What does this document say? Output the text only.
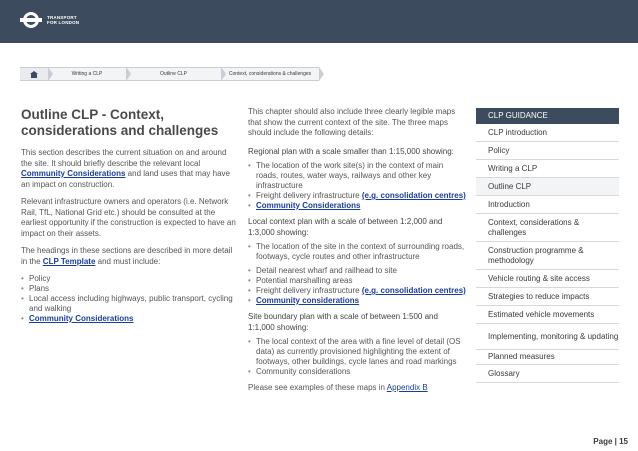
TRANSPORT
FOR LONDON
Writing a CLP	Outline CLP	Context, considerations & challenges
Outline CLP - Context, considerations and challenges

This section describes the current situation on and around the site. It should briefly describe the relevant local Community Considerations and land uses that may have an impact on construction.

Relevant infrastructure owners and operators (i.e. Network Rail, TfL, National Grid etc.) should be consulted at the earliest opportunity if the construction is expected to have an impact on their assets.

The headings in these sections are described in more detail in the CLP Template and must include:

• Policy
• Plans
• Local access including highways, public transport, cycling and walking
• Community Considerations

This chapter should also include three clearly legible maps that show the current context of the site. The three maps should include the following details:

Regional plan with a scale smaller than 1:15,000 showing:

• The location of the work site(s) in the context of main roads, routes, water ways, railways and other key infrastructure
• Freight delivery infrastructure (e.g. consolidation centres)
• Community Considerations

Local context plan with a scale of between 1:2,000 and 1:3,000 showing:

• The location of the site in the context of surrounding roads, footways, cycle routes and other infrastructure
• Detail nearest wharf and railhead to site
• Potential marshalling areas
• Freight delivery infrastructure (e.g. consolidation centres)
• Community considerations

Site boundary plan with a scale of between 1:500 and 1:1,000 showing:

• The local context of the area with a fine level of detail (OS data) as currently provisioned highlighting the extent of footways, other buildings, cycle lanes and road markings
• Community considerations

Please see examples of these maps in Appendix B

CLP GUIDANCE
CLP introduction
Policy
Writing a CLP
Outline CLP
Introduction
Context, considerations & challenges
Construction programme & methodology
Vehicle routing & site access
Strategies to reduce impacts
Estimated vehicle movements
Implementing, monitoring & updating
Planned measures
Glossary
Page | 15
